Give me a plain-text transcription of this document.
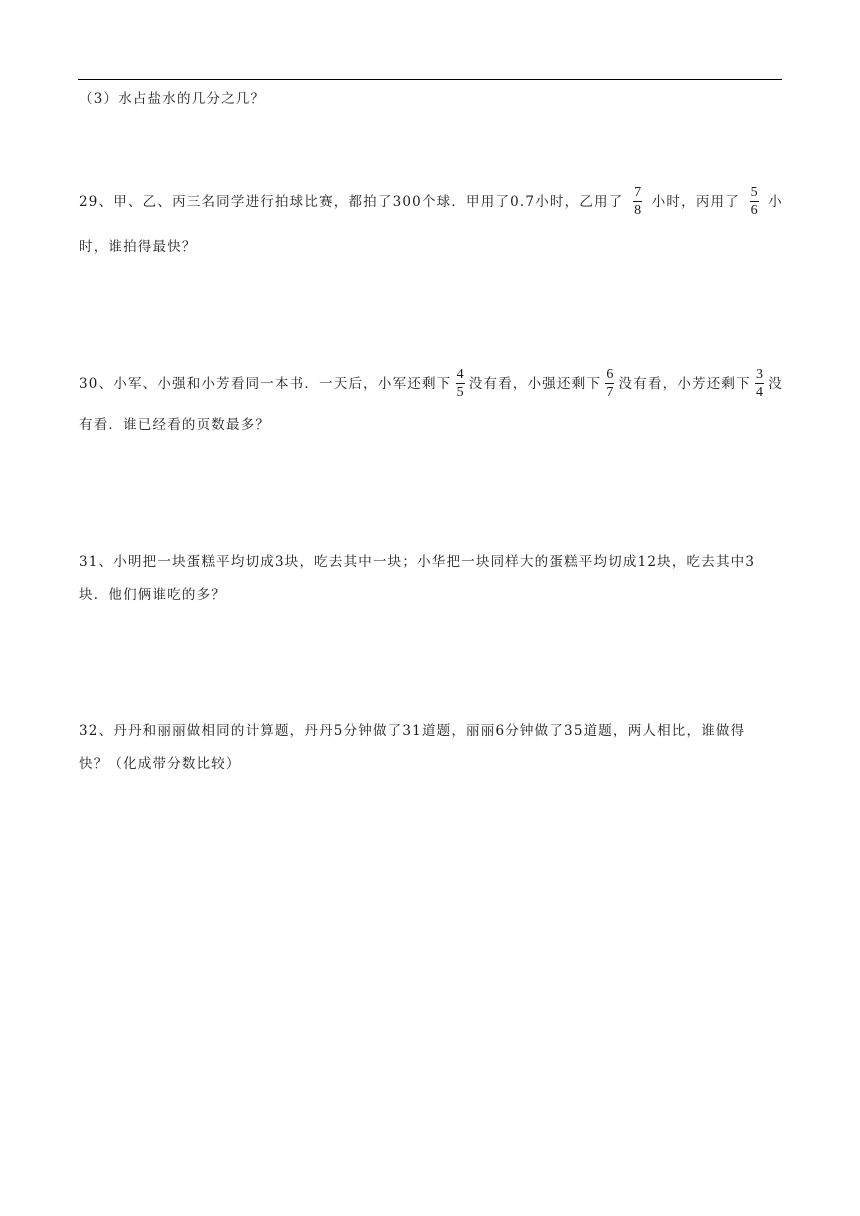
（3）水占盐水的几分之几？
29、甲、乙、丙三名同学进行拍球比赛，都拍了300个球．甲用了0.7小时，乙用了 $\frac{7}{8}$ 小时，丙用了 $\frac{5}{6}$ 小
时，谁拍得最快？
30、小军、小强和小芳看同一本书．一天后，小军还剩下 $\frac{4}{5}$ 没有看，小强还剩下 $\frac{6}{7}$ 没有看，小芳还剩下 $\frac{3}{4}$ 没
有看．谁已经看的页数最多？
31、小明把一块蛋糕平均切成3块，吃去其中一块；小华把一块同样大的蛋糕平均切成12块，吃去其中3
块．他们俩谁吃的多？
32、丹丹和丽丽做相同的计算题，丹丹5分钟做了31道题，丽丽6分钟做了35道题，两人相比，谁做得
快？（化成带分数比较）
